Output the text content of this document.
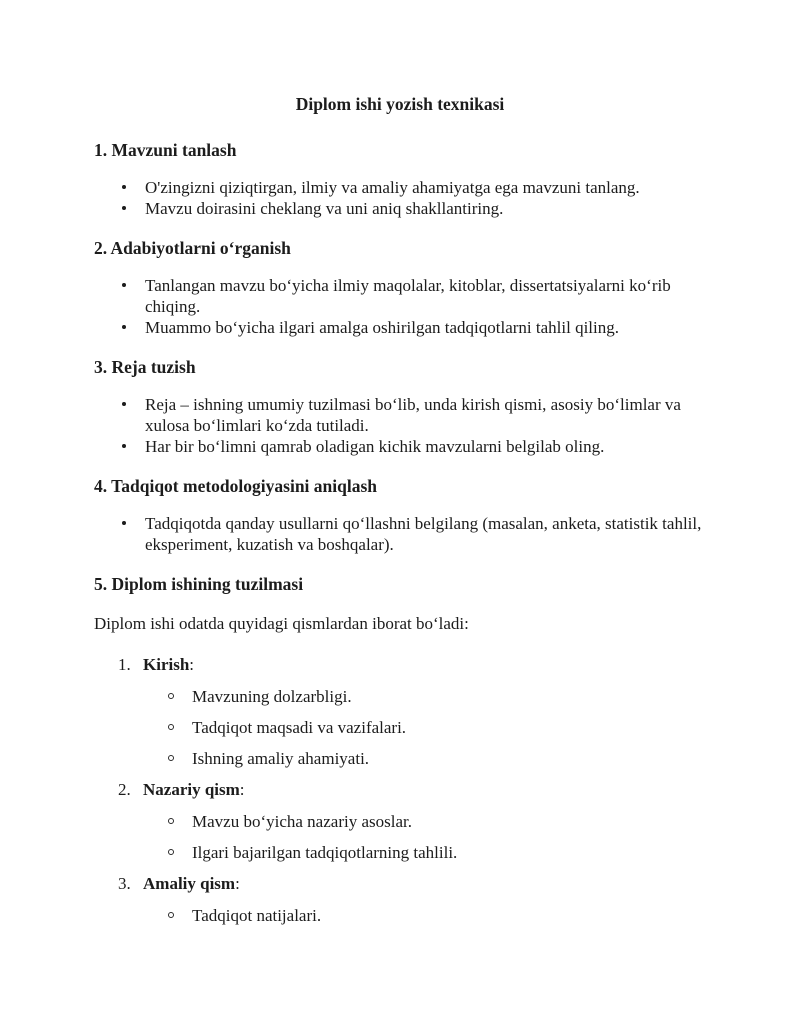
Diplom ishi yozish texnikasi
1. Mavzuni tanlash
O'zingizni qiziqtirgan, ilmiy va amaliy ahamiyatga ega mavzuni tanlang.
Mavzu doirasini cheklang va uni aniq shakllantiring.
2. Adabiyotlarni oʻrganish
Tanlangan mavzu boʻyicha ilmiy maqolalar, kitoblar, dissertatsiyalarni koʻrib chiqing.
Muammo boʻyicha ilgari amalga oshirilgan tadqiqotlarni tahlil qiling.
3. Reja tuzish
Reja – ishning umumiy tuzilmasi boʻlib, unda kirish qismi, asosiy boʻlimlar va xulosa boʻlimlari koʻzda tutiladi.
Har bir boʻlimni qamrab oladigan kichik mavzularni belgilab oling.
4. Tadqiqot metodologiyasini aniqlash
Tadqiqotda qanday usullarni qoʻllashni belgilang (masalan, anketa, statistik tahlil, eksperiment, kuzatish va boshqalar).
5. Diplom ishining tuzilmasi

Diplom ishi odatda quyidagi qismlardan iborat boʻladi:

1. Kirish:
Mavzuning dolzarbligi.
Tadqiqot maqsadi va vazifalari.
Ishning amaliy ahamiyati.
2. Nazariy qism:
Mavzu boʻyicha nazariy asoslar.
Ilgari bajarilgan tadqiqotlarning tahlili.
3. Amaliy qism:
Tadqiqot natijalari.
